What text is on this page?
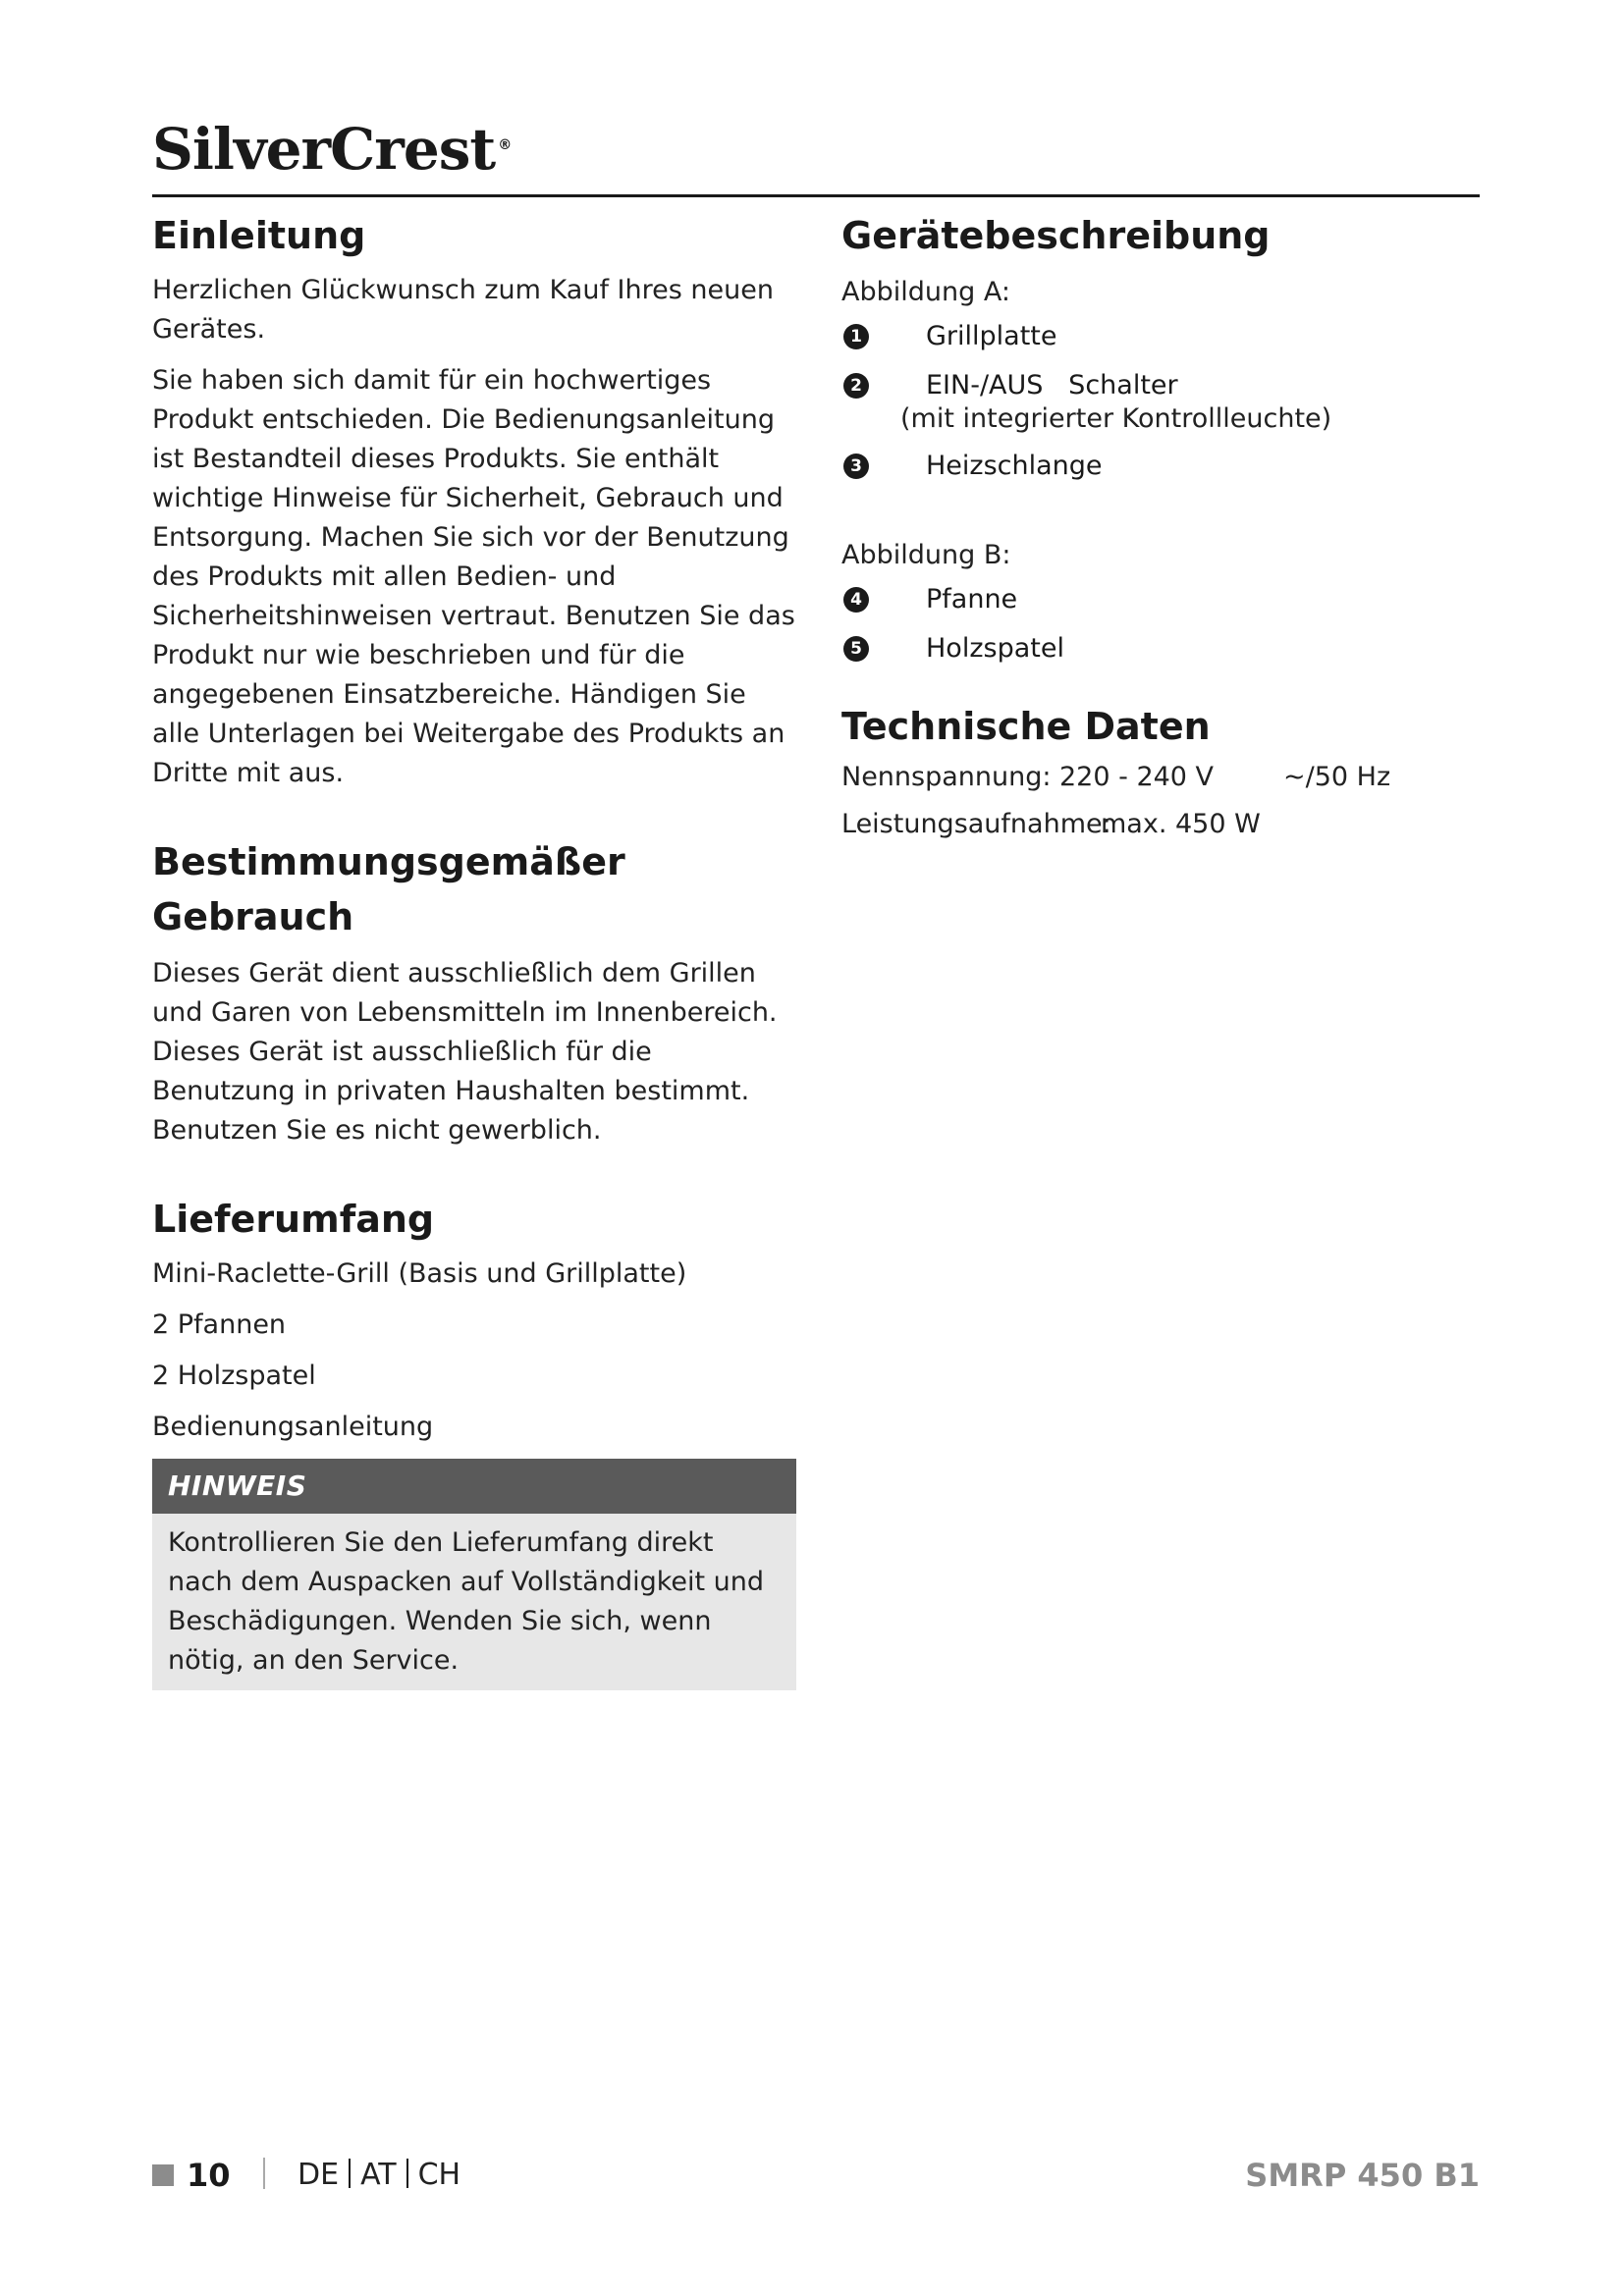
SilverCrest ®
Einleitung

Herzlichen Glückwunsch zum Kauf Ihres neuen Gerätes.

Sie haben sich damit für ein hochwertiges Produkt entschieden. Die Bedienungsanleitung ist Bestandteil dieses Produkts. Sie enthält wichtige Hinweise für Sicherheit, Gebrauch und Entsorgung. Machen Sie sich vor der Benutzung des Produkts mit allen Bedien- und Sicherheitshinweisen vertraut. Benutzen Sie das Produkt nur wie beschrieben und für die angegebenen Einsatzbereiche. Händigen Sie alle Unterlagen bei Weitergabe des Produkts an Dritte mit aus.

Bestimmungsgemäßer
Gebrauch

Dieses Gerät dient ausschließlich dem Grillen und Garen von Lebensmitteln im Innenbereich. Dieses Gerät ist ausschließlich für die Benutzung in privaten Haushalten bestimmt. Benutzen Sie es nicht gewerblich.

Lieferumfang

Mini-Raclette-Grill (Basis und Grillplatte)

2 Pfannen

2 Holzspatel

Bedienungsanleitung

HINWEIS
Kontrollieren Sie den Lieferumfang direkt nach dem Auspacken auf Vollständigkeit und Beschädigungen. Wenden Sie sich, wenn nötig, an den Service.
Gerätebeschreibung

Abbildung A:

1 Grillplatte
2 EIN-/AUS   Schalter
(mit integrierter Kontrollleuchte)
3 Heizschlange

Abbildung B:

4 Pfanne
5 Holzspatel
Technische Daten
Nennspannung: 220 - 240 V	~/50 Hz
Leistungsaufnahme:
max. 450 W
10 DE AT CH	SMRP 450 B1
